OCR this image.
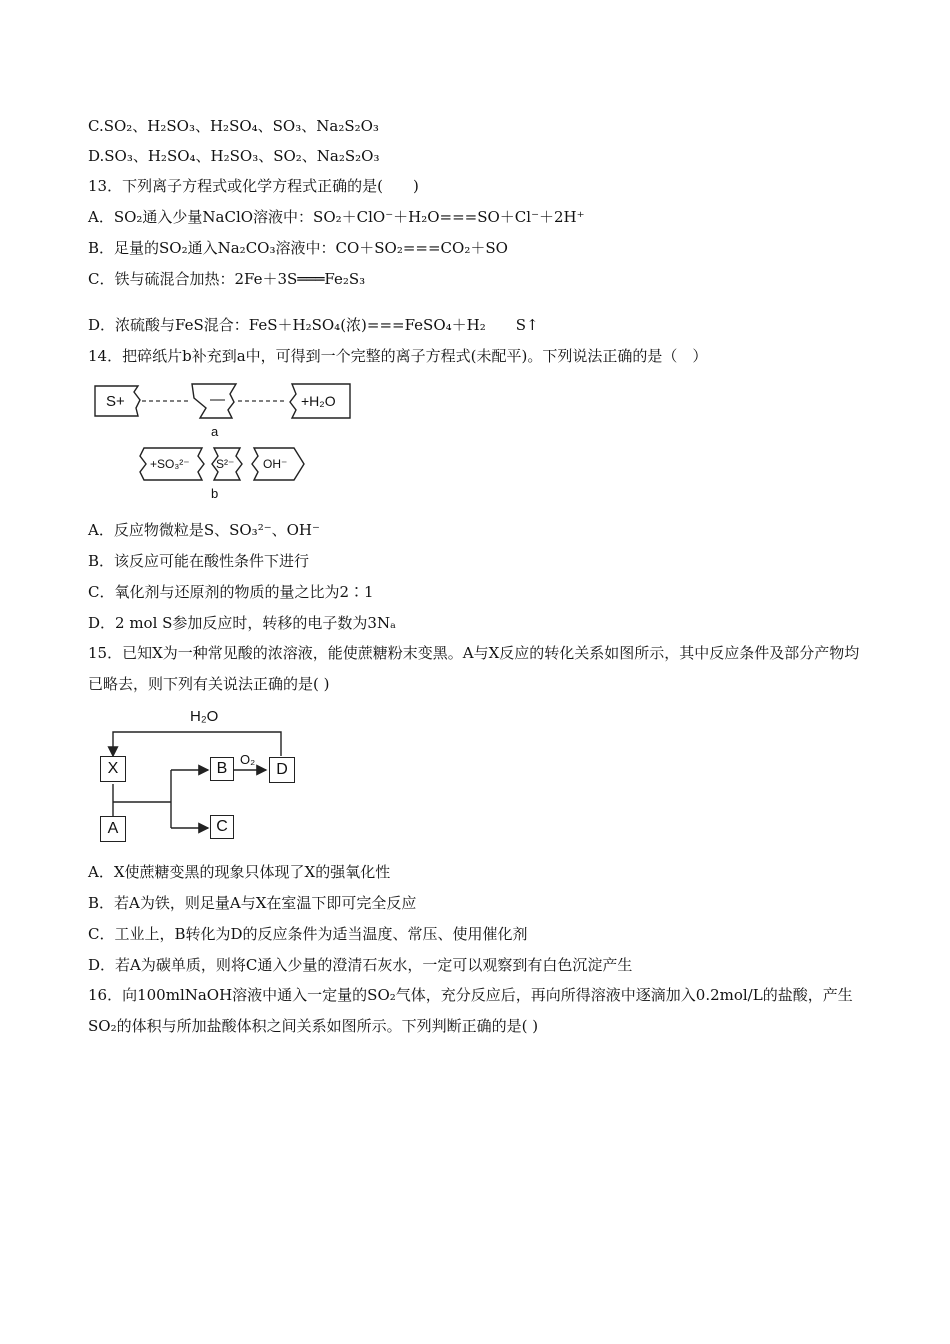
C.SO₂、H₂SO₃、H₂SO₄、SO₃、Na₂S₂O₃
D.SO₃、H₂SO₄、H₂SO₃、SO₂、Na₂S₂O₃
13．下列离子方程式或化学方程式正确的是(　　)
A．SO₂通入少量NaClO溶液中：SO₂＋ClO⁻＋H₂O===SO＋Cl⁻＋2H⁺
B．足量的SO₂通入Na₂CO₃溶液中：CO＋SO₂===CO₂＋SO
C．铁与硫混合加热：2Fe＋3S═══Fe₂S₃
D．浓硫酸与FeS混合：FeS＋H₂SO₄(浓)===FeSO₄＋H₂　　S↑
14．把碎纸片b补充到a中，可得到一个完整的离子方程式(未配平)。下列说法正确的是（　）
S+	—	+H₂O
a
+SO₃²⁻ S²⁻ OH⁻
b
A．反应物微粒是S、SO₃²⁻、OH⁻
B．该反应可能在酸性条件下进行
C．氧化剂与还原剂的物质的量之比为2∶1
D．2 mol S参加反应时，转移的电子数为3Nₐ
15．已知X为一种常见酸的浓溶液，能使蔗糖粉末变黑。A与X反应的转化关系如图所示，其中反应条件及部分产物均已略去，则下列有关说法正确的是( )
H₂O
O₂
X
A
B
C
D
A．X使蔗糖变黑的现象只体现了X的强氧化性
B．若A为铁，则足量A与X在室温下即可完全反应
C．工业上，B转化为D的反应条件为适当温度、常压、使用催化剂
D．若A为碳单质，则将C通入少量的澄清石灰水，一定可以观察到有白色沉淀产生
16．向100mlNaOH溶液中通入一定量的SO₂气体，充分反应后，再向所得溶液中逐滴加入0.2mol/L的盐酸，产生SO₂的体积与所加盐酸体积之间关系如图所示。下列判断正确的是( )
